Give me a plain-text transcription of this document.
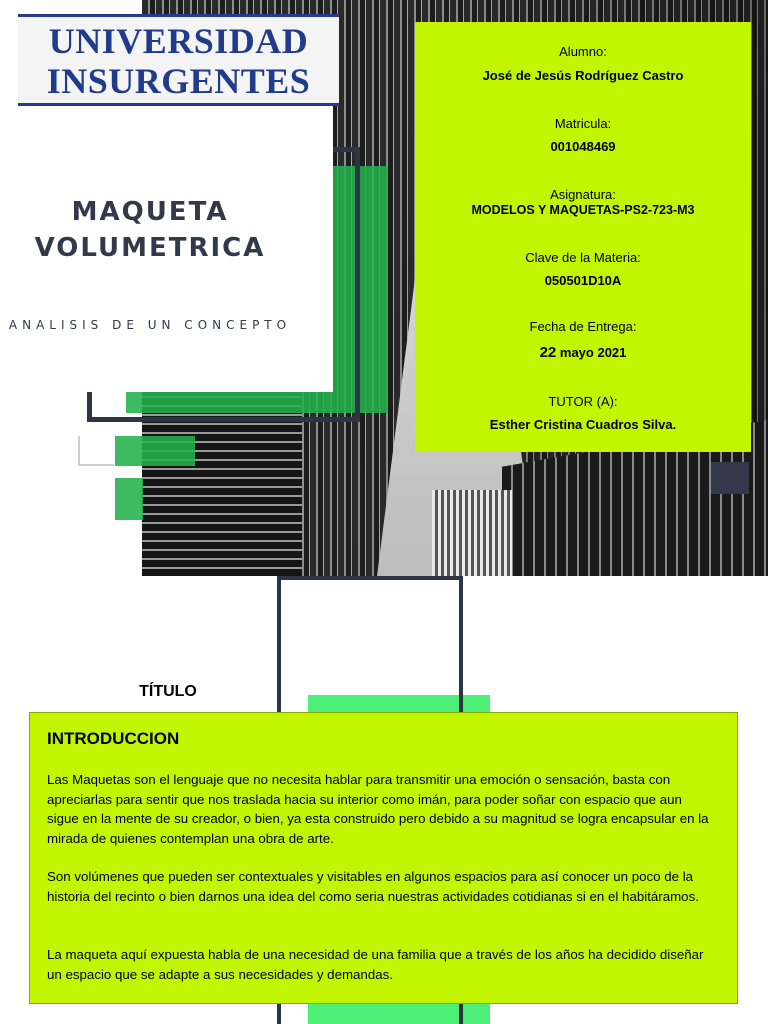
UNIVERSIDAD
INSURGENTES
MAQUETA VOLUMETRICA
ANALISIS DE UN CONCEPTO
Alumno:
José de Jesús Rodríguez Castro
Matricula:
001048469
Asignatura:
MODELOS Y MAQUETAS-PS2-723-M3
Clave de la Materia:
050501D10A
Fecha de Entrega:
22 mayo 2021
TUTOR (A):
Esther Cristina Cuadros Silva.
TÍTULO
INTRODUCCION
Las Maquetas son el lenguaje que no necesita hablar para transmitir una emoción o sensación, basta con apreciarlas para sentir que nos traslada hacia su interior como imán, para poder soñar con espacio que aun sigue en la mente de su creador, o bien, ya esta construido pero debido a su magnitud se logra encapsular en la mirada de quienes contemplan una obra de arte.
Son volúmenes que pueden ser contextuales y visitables en algunos espacios para así conocer un poco de la historia del recinto o bien darnos una idea del como seria nuestras actividades cotidianas si en el habitáramos.
La maqueta aquí expuesta habla de una necesidad de una familia que a través de los años ha decidido diseñar un espacio que se adapte a sus necesidades y demandas.
